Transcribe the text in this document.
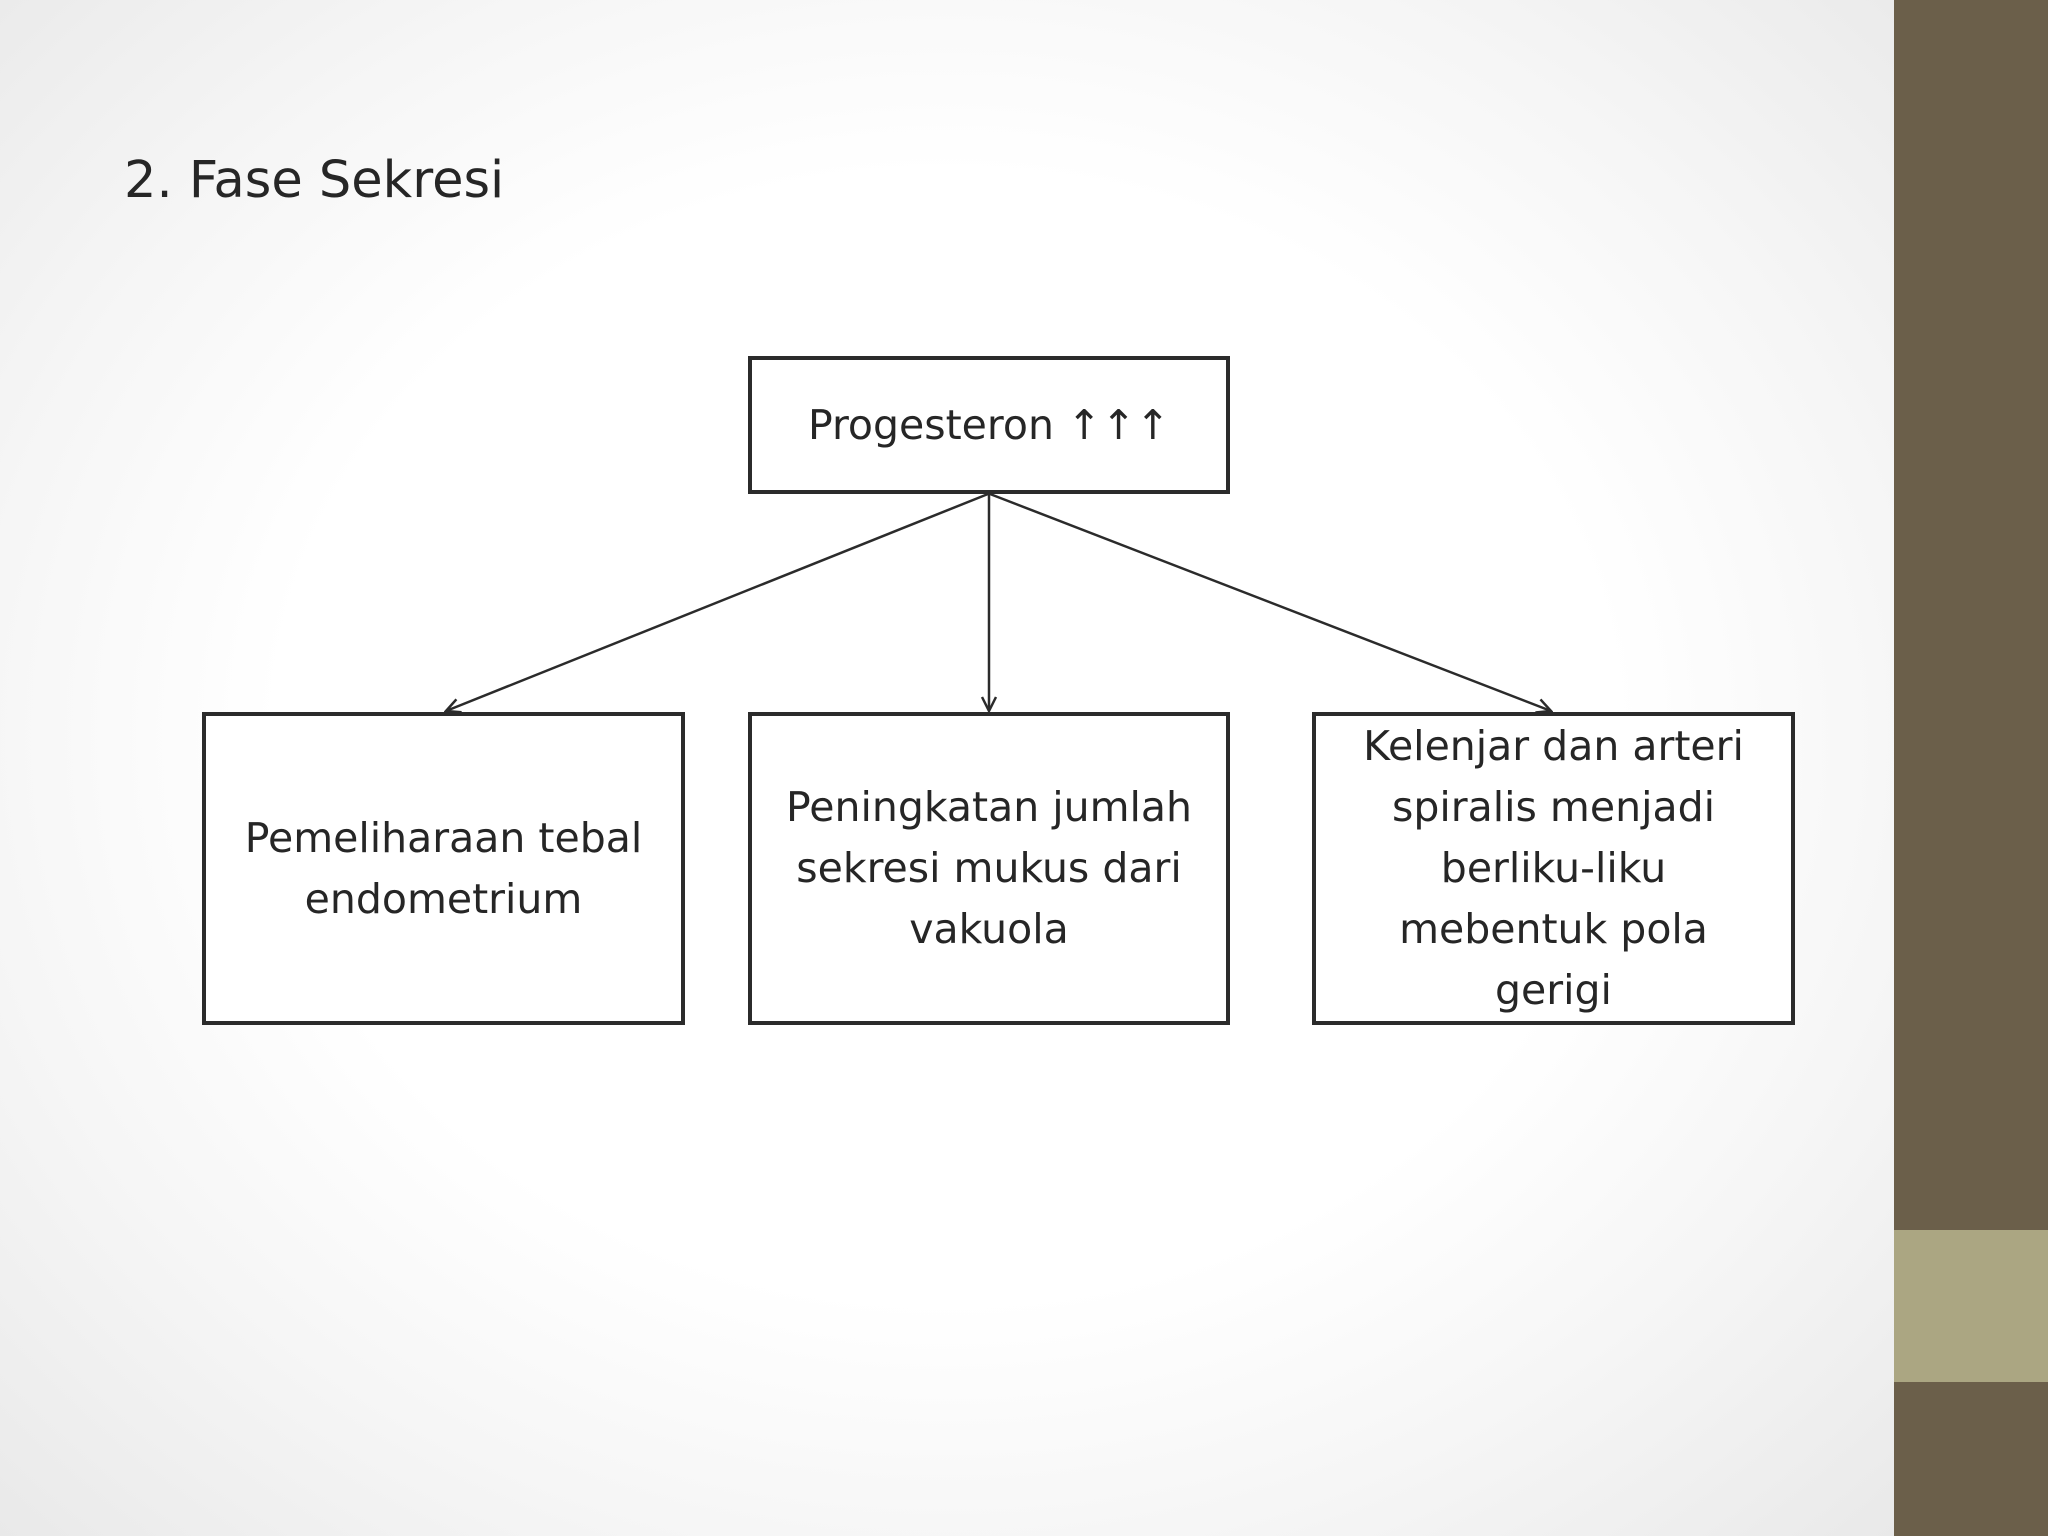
2. Fase Sekresi
Progesteron ↑↑↑
Pemeliharaan tebal endometrium
Peningkatan jumlah sekresi mukus dari vakuola
Kelenjar dan arteri spiralis menjadi berliku-liku mebentuk pola gerigi
